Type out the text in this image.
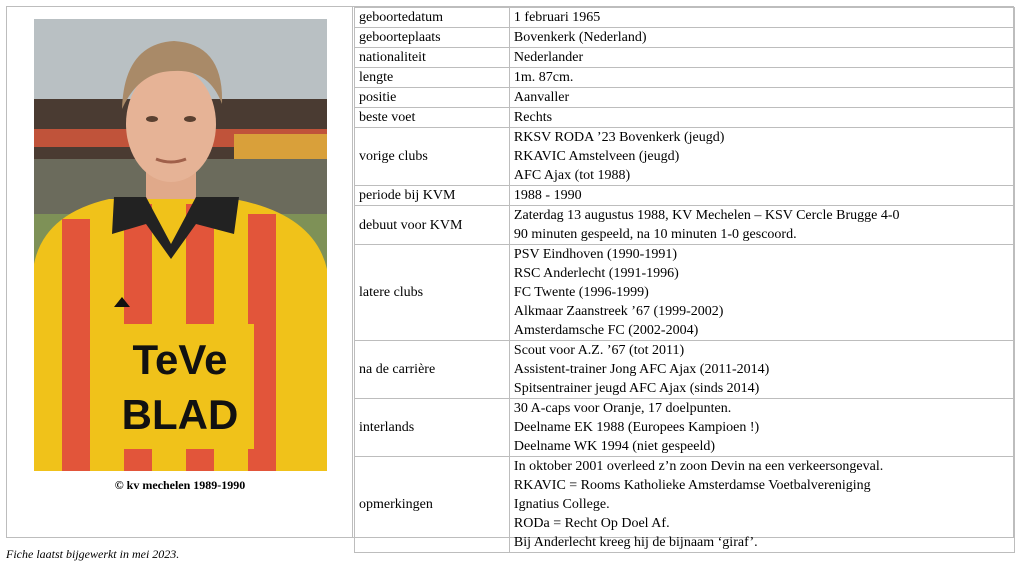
TeVe
BLAD
© kv mechelen 1989-1990
geboortedatum	1 februari 1965

geboorteplaats	Bovenkerk (Nederland)

nationaliteit	Nederlander

lengte	1m. 87cm.

positie	Aanvaller

beste voet	Rechts

vorige clubs	RKSV RODA ’23 Bovenkerk (jeugd)
RKAVIC Amstelveen (jeugd)
AFC Ajax (tot 1988)

periode bij KVM	1988 - 1990

debuut voor KVM	Zaterdag 13 augustus 1988, KV Mechelen – KSV Cercle Brugge 4-0
90 minuten gespeeld, na 10 minuten 1-0 gescoord.

latere clubs	PSV Eindhoven (1990-1991)
RSC Anderlecht (1991-1996)
FC Twente (1996-1999)
Alkmaar Zaanstreek ’67 (1999-2002)
Amsterdamsche FC (2002-2004)

na de carrière	Scout voor A.Z. ’67 (tot 2011)
Assistent-trainer Jong AFC Ajax (2011-2014)
Spitsentrainer jeugd AFC Ajax (sinds 2014)

interlands	30 A-caps voor Oranje, 17 doelpunten.
Deelname EK 1988 (Europees Kampioen !)
Deelname WK 1994 (niet gespeeld)

opmerkingen	In oktober 2001 overleed z’n zoon Devin na een verkeersongeval.
RKAVIC = Rooms Katholieke Amsterdamse Voetbalvereniging
Ignatius College.
RODa = Recht Op Doel Af.
Bij Anderlecht kreeg hij de bijnaam ‘giraf’.
Fiche laatst bijgewerkt in mei 2023.
